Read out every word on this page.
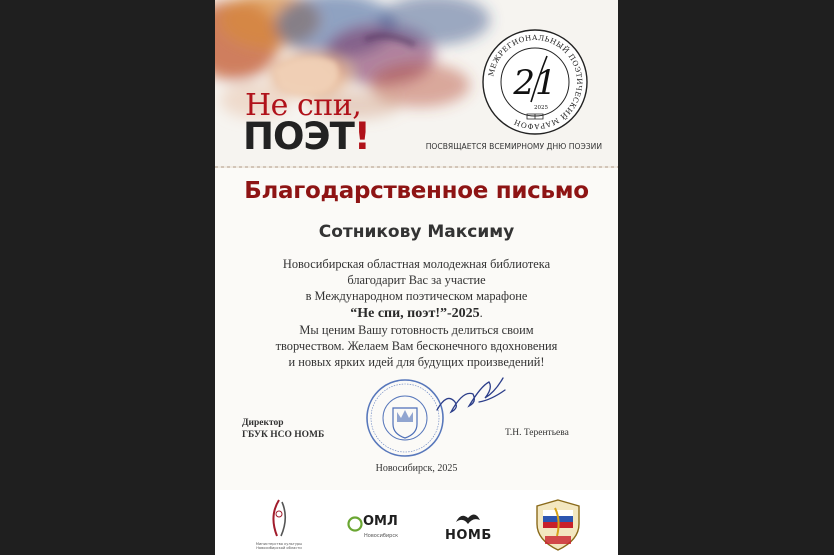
МЕЖРЕГИОНАЛЬНЫЙ ПОЭТИЧЕСКИЙ МАРАФОН
21
2025
Не спи,
ПОЭТ!	ПОСВЯЩАЕТСЯ ВСЕМИРНОМУ ДНЮ ПОЭЗИИ
Благодарственное письмо
Сотникову Максиму
Новосибирская областная молодежная библиотека
благодарит Вас за участие
в Международном поэтическом марафоне
“Не спи, поэт!”-2025.
Мы ценим Вашу готовность делиться своим
творчеством. Желаем Вам бесконечного вдохновения
и новых ярких идей для будущих произведений!
Директор
ГБУК НСО НОМБ	Т.Н. Терентьева
Новосибирск, 2025
Министерство культуры
Новосибирской области
ОМЛ
Новосибирск	НОМБ
